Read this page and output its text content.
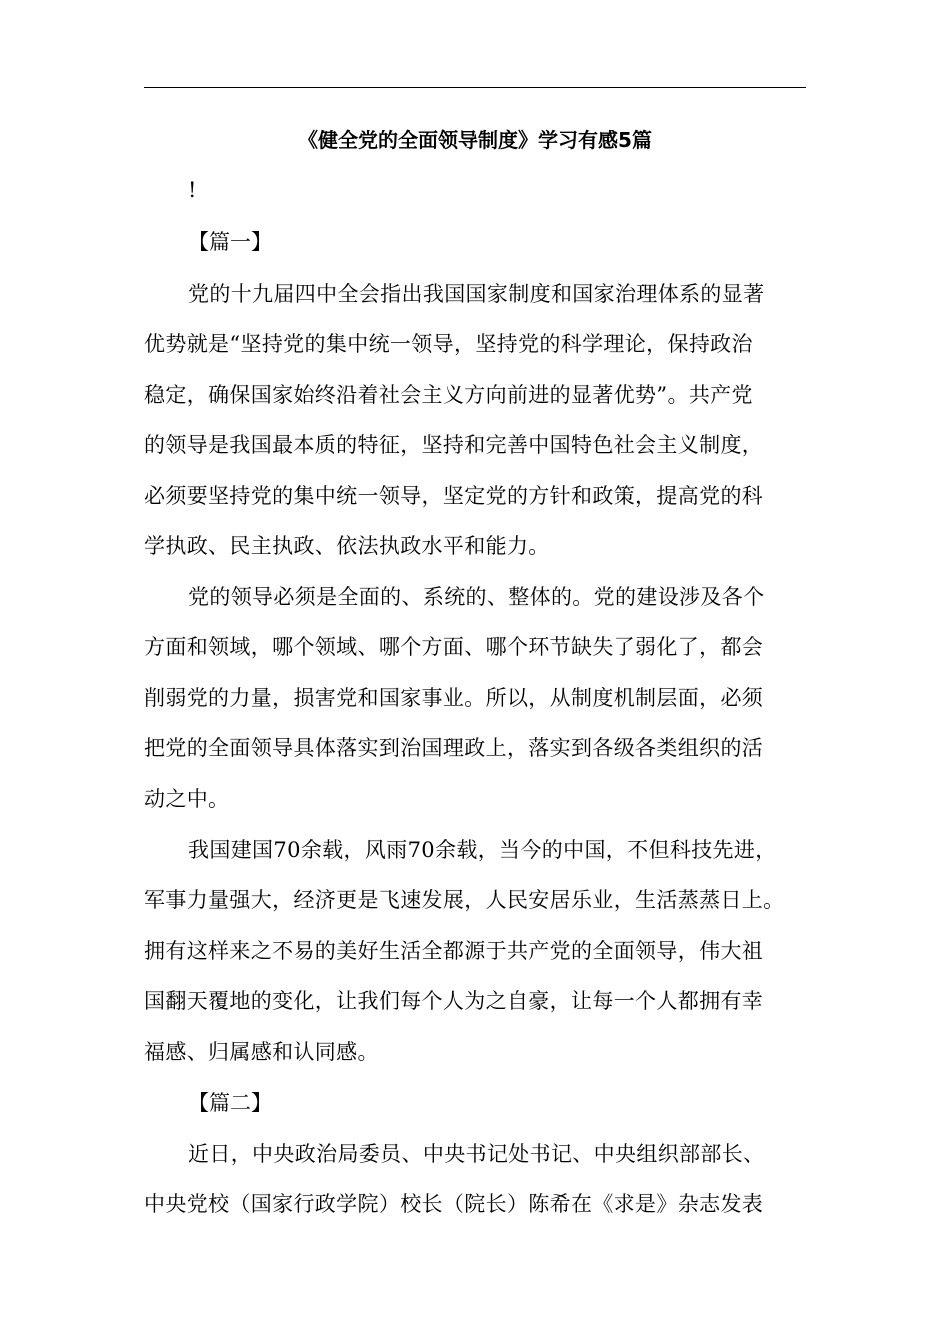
《健全党的全面领导制度》学习有感5篇
!
【篇一】
党的十九届四中全会指出我国国家制度和国家治理体系的显著
优势就是“坚持党的集中统一领导，坚持党的科学理论，保持政治
稳定，确保国家始终沿着社会主义方向前进的显著优势”。共产党
的领导是我国最本质的特征，坚持和完善中国特色社会主义制度，
必须要坚持党的集中统一领导，坚定党的方针和政策，提高党的科
学执政、民主执政、依法执政水平和能力。
党的领导必须是全面的、系统的、整体的。党的建设涉及各个
方面和领域，哪个领域、哪个方面、哪个环节缺失了弱化了，都会
削弱党的力量，损害党和国家事业。所以，从制度机制层面，必须
把党的全面领导具体落实到治国理政上，落实到各级各类组织的活
动之中。
我国建国70余载，风雨70余载，当今的中国，不但科技先进，
军事力量强大，经济更是飞速发展，人民安居乐业，生活蒸蒸日上。
拥有这样来之不易的美好生活全都源于共产党的全面领导，伟大祖
国翻天覆地的变化，让我们每个人为之自豪，让每一个人都拥有幸
福感、归属感和认同感。
【篇二】
近日，中央政治局委员、中央书记处书记、中央组织部部长、
中央党校（国家行政学院）校长（院长）陈希在《求是》杂志发表
